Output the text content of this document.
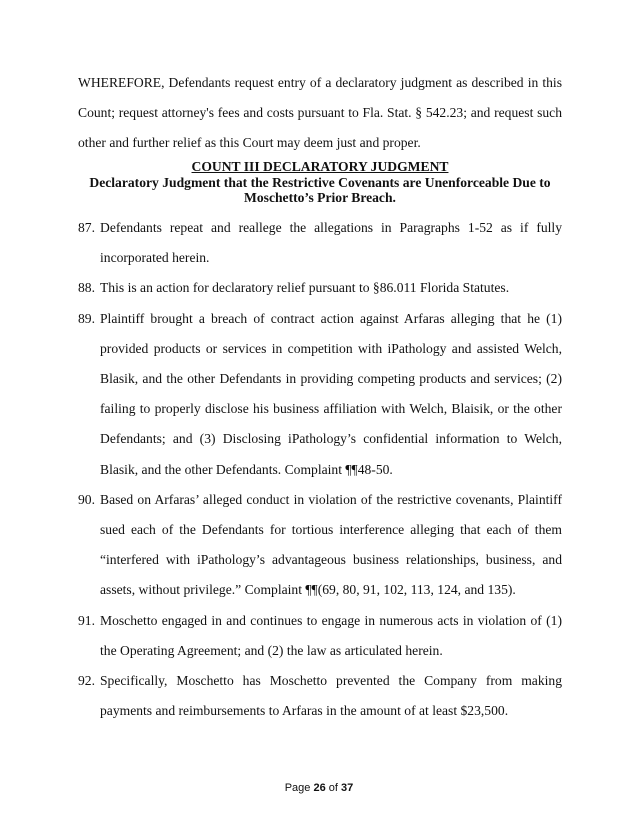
WHEREFORE, Defendants request entry of a declaratory judgment as described in this Count; request attorney's fees and costs pursuant to Fla. Stat. § 542.23; and request such other and further relief as this Court may deem just and proper.

COUNT III DECLARATORY JUDGMENT
Declaratory Judgment that the Restrictive Covenants are Unenforceable Due to
Moschetto’s Prior Breach.
87. Defendants repeat and reallege the allegations in Paragraphs 1-52 as if fully incorporated herein.
88. This is an action for declaratory relief pursuant to §86.011 Florida Statutes.
89. Plaintiff brought a breach of contract action against Arfaras alleging that he (1) provided products or services in competition with iPathology and assisted Welch, Blasik, and the other Defendants in providing competing products and services; (2) failing to properly disclose his business affiliation with Welch, Blaisik, or the other Defendants; and (3) Disclosing iPathology’s confidential information to Welch, Blasik, and the other Defendants. Complaint ¶¶48-50.
90. Based on Arfaras’ alleged conduct in violation of the restrictive covenants, Plaintiff sued each of the Defendants for tortious interference alleging that each of them “interfered with iPathology’s advantageous business relationships, business, and assets, without privilege.” Complaint ¶¶(69, 80, 91, 102, 113, 124, and 135).
91. Moschetto engaged in and continues to engage in numerous acts in violation of (1) the Operating Agreement; and (2) the law as articulated herein.
92. Specifically, Moschetto has Moschetto prevented the Company from making payments and reimbursements to Arfaras in the amount of at least $23,500.
Page 26 of 37
